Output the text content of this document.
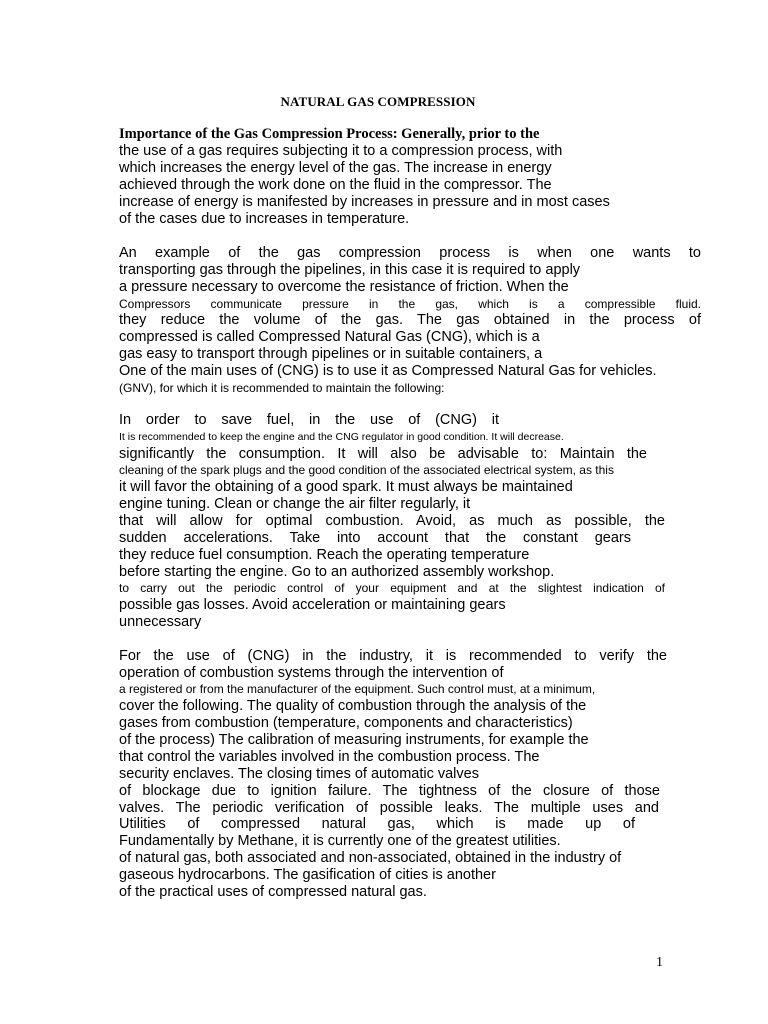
NATURAL GAS COMPRESSION
Importance of the Gas Compression Process: Generally, prior to the
the use of a gas requires subjecting it to a compression process, with
which increases the energy level of the gas. The increase in energy
achieved through the work done on the fluid in the compressor. The
increase of energy is manifested by increases in pressure and in most cases
of the cases due to increases in temperature.
An example of the gas compression process is when one wants to
transporting gas through the pipelines, in this case it is required to apply
a pressure necessary to overcome the resistance of friction. When the
Compressors communicate pressure in the gas, which is a compressible fluid.
they reduce the volume of the gas. The gas obtained in the process of
compressed is called Compressed Natural Gas (CNG), which is a
gas easy to transport through pipelines or in suitable containers, a
One of the main uses of (CNG) is to use it as Compressed Natural Gas for vehicles.
(GNV), for which it is recommended to maintain the following:
In order to save fuel, in the use of (CNG) it
It is recommended to keep the engine and the CNG regulator in good condition. It will decrease.
significantly the consumption. It will also be advisable to: Maintain the
cleaning of the spark plugs and the good condition of the associated electrical system, as this
it will favor the obtaining of a good spark. It must always be maintained
engine tuning. Clean or change the air filter regularly, it
that will allow for optimal combustion. Avoid, as much as possible, the
sudden accelerations. Take into account that the constant gears
they reduce fuel consumption. Reach the operating temperature
before starting the engine. Go to an authorized assembly workshop.
to carry out the periodic control of your equipment and at the slightest indication of
possible gas losses. Avoid acceleration or maintaining gears
unnecessary
For the use of (CNG) in the industry, it is recommended to verify the
operation of combustion systems through the intervention of
a registered or from the manufacturer of the equipment. Such control must, at a minimum,
cover the following. The quality of combustion through the analysis of the
gases from combustion (temperature, components and characteristics)
of the process) The calibration of measuring instruments, for example the
that control the variables involved in the combustion process. The
security enclaves. The closing times of automatic valves
of blockage due to ignition failure. The tightness of the closure of those
valves. The periodic verification of possible leaks. The multiple uses and
Utilities of compressed natural gas, which is made up of
Fundamentally by Methane, it is currently one of the greatest utilities.
of natural gas, both associated and non-associated, obtained in the industry of
gaseous hydrocarbons. The gasification of cities is another
of the practical uses of compressed natural gas.
1
